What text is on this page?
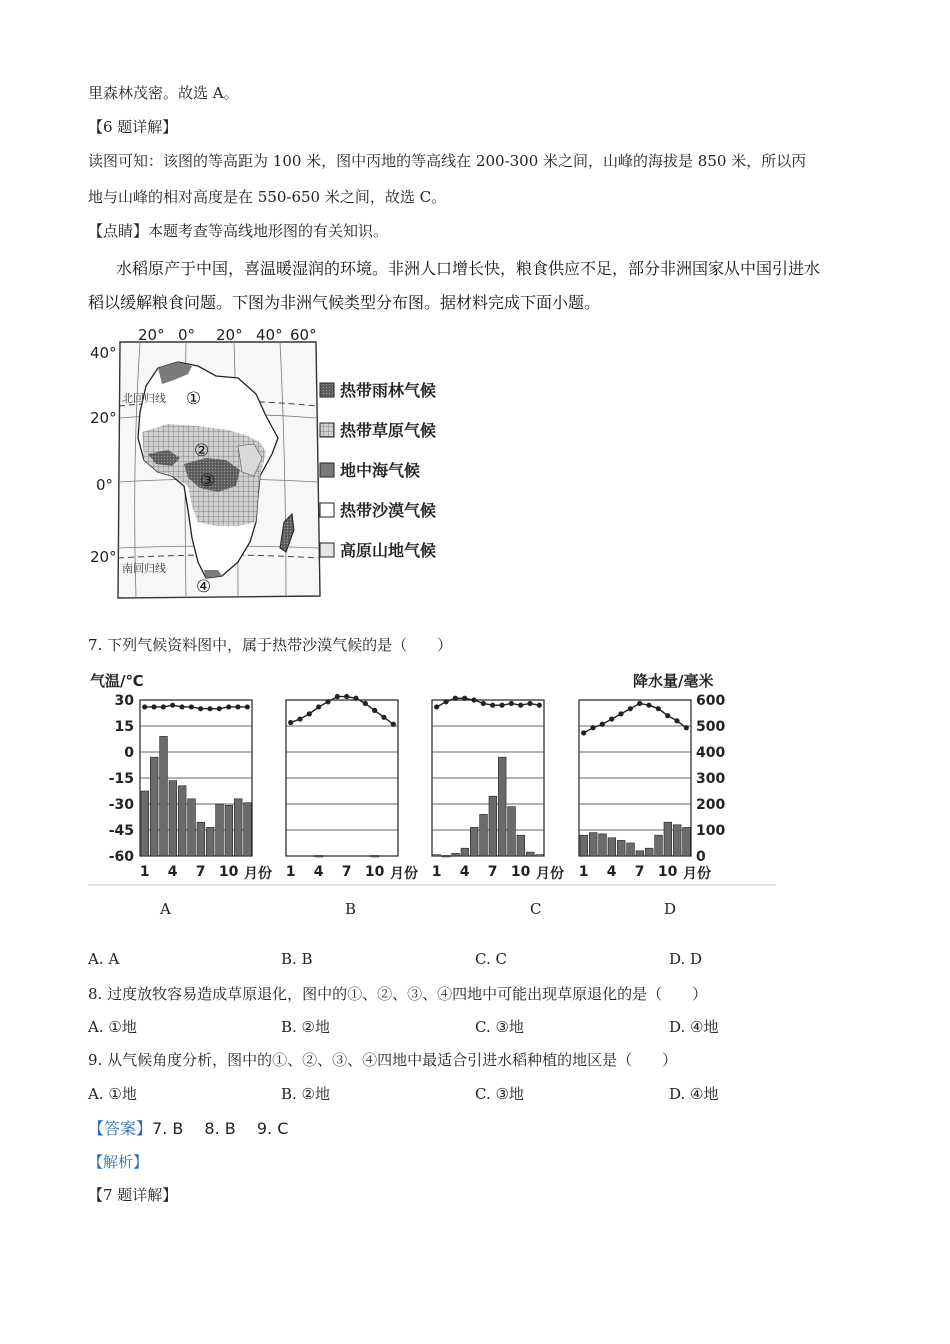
里森林茂密。故选 A。
【6 题详解】
读图可知：该图的等高距为 100 米，图中丙地的等高线在 200-300 米之间，山峰的海拔是 850 米，所以丙
地与山峰的相对高度是在 550-650 米之间，故选 C。
【点睛】本题考查等高线地形图的有关知识。
水稻原产于中国，喜温暖湿润的环境。非洲人口增长快，粮食供应不足，部分非洲国家从中国引进水
稻以缓解粮食问题。下图为非洲气候类型分布图。据材料完成下面小题。
20° 0° 20° 40° 60°
40°
20°
0°
20°
北回归线
南回归线
①
②
③
④
热带雨林气候
热带草原气候
地中海气候
热带沙漠气候
高原山地气候
7. 下列气候资料图中，属于热带沙漠气候的是（　　）
气温/℃	降水量/毫米
30
15
0
-15
-30
-45
-60
600
500
400
300
200
100
0
1 4 7 10 月份 1 4 7 10 月份 1 4 7 10 月份 1 4 7 10 月份
A	B	C	D
A. A	B. B	C. C	D. D
8. 过度放牧容易造成草原退化，图中的①、②、③、④四地中可能出现草原退化的是（　　）
A. ①地	B. ②地	C. ③地	D. ④地
9. 从气候角度分析，图中的①、②、③、④四地中最适合引进水稻种植的地区是（　　）
A. ①地	B. ②地	C. ③地	D. ④地
【答案】7. B　 8. B　 9. C
【解析】
【7 题详解】
